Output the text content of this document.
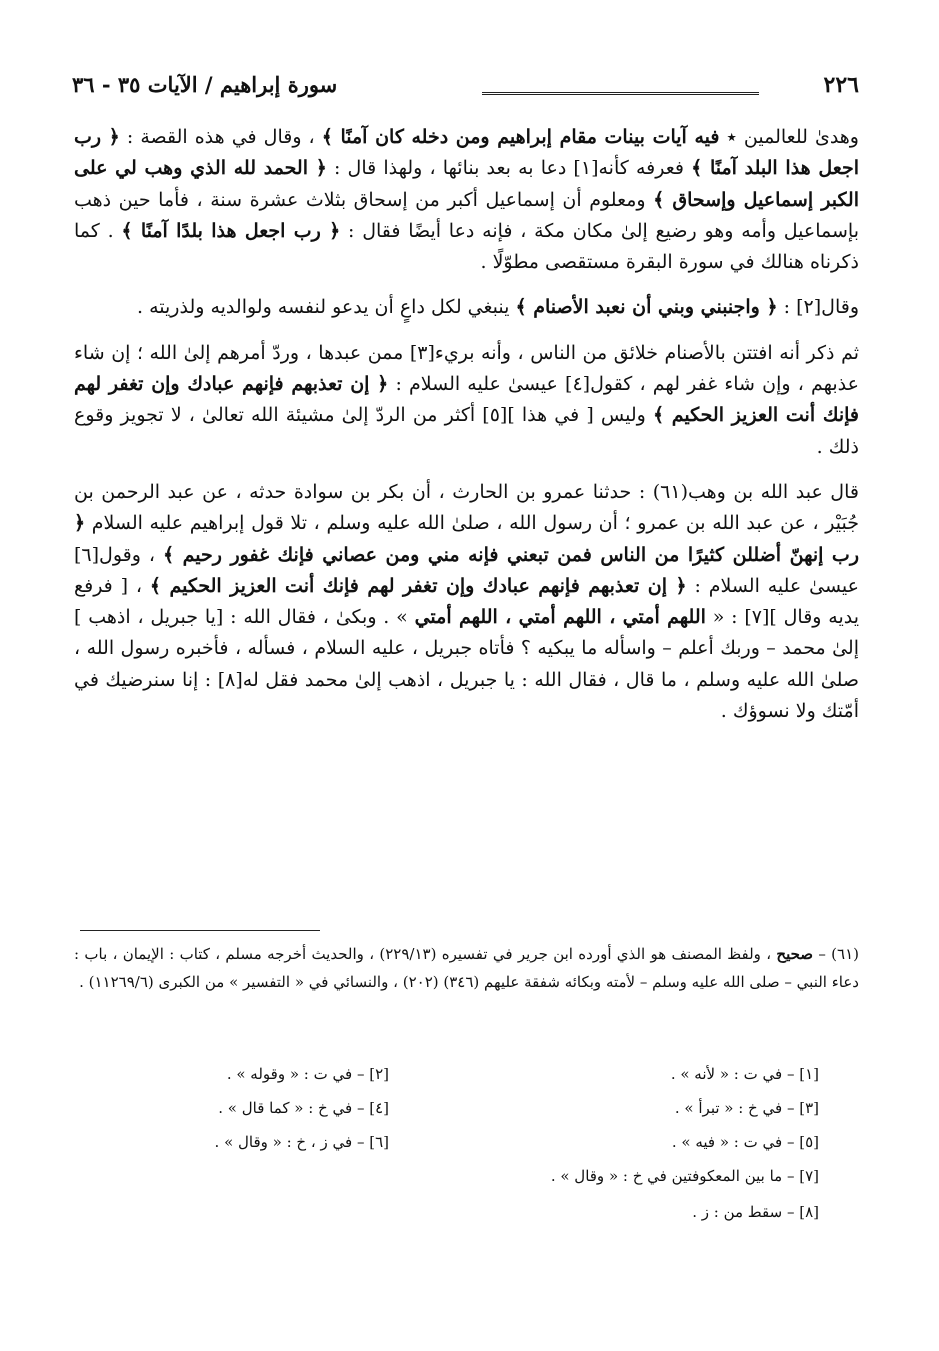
٢٢٦
سورة إبراهيم / الآيات ٣٥ - ٣٦

وهدىٰ للعالمين ٭ فيه آيات بينات مقام إبراهيم ومن دخله كان آمنًا ﴾ ، وقال في هذه القصة : ﴿ رب اجعل هذا البلد آمنًا ﴾ فعرفه كأنه[١] دعا به بعد بنائها ، ولهذا قال : ﴿ الحمد لله الذي وهب لي على الكبر إسماعيل وإسحاق ﴾ ومعلوم أن إسماعيل أكبر من إسحاق بثلاث عشرة سنة ، فأما حين ذهب بإسماعيل وأمه وهو رضيع إلىٰ مكان مكة ، فإنه دعا أيضًا فقال : ﴿ رب اجعل هذا بلدًا آمنًا ﴾ . كما ذكرناه هنالك في سورة البقرة مستقصى مطوّلًا .

وقال[٢] : ﴿ واجنبني وبني أن نعبد الأصنام ﴾ ينبغي لكل داعٍ أن يدعو لنفسه ولوالديه ولذريته .

ثم ذكر أنه افتتن بالأصنام خلائق من الناس ، وأنه بريء[٣] ممن عبدها ، وردّ أمرهم إلىٰ الله ؛ إن شاء عذبهم ، وإن شاء غفر لهم ، كقول[٤] عيسىٰ عليه السلام : ﴿ إن تعذبهم فإنهم عبادك وإن تغفر لهم فإنك أنت العزيز الحكيم ﴾ وليس [ في هذا ][٥] أكثر من الردّ إلىٰ مشيئة الله تعالىٰ ، لا تجويز وقوع ذلك .

قال عبد الله بن وهب(٦١) : حدثنا عمرو بن الحارث ، أن بكر بن سوادة حدثه ، عن عبد الرحمن بن جُبَيْر ، عن عبد الله بن عمرو ؛ أن رسول الله ، صلىٰ الله عليه وسلم ، تلا قول إبراهيم عليه السلام ﴿ رب إنهنّ أضللن كثيرًا من الناس فمن تبعني فإنه مني ومن عصاني فإنك غفور رحيم ﴾ ، وقول[٦] عيسىٰ عليه السلام : ﴿ إن تعذبهم فإنهم عبادك وإن تغفر لهم فإنك أنت العزيز الحكيم ﴾ ، [ فرفع يديه وقال ][٧] : « اللهم أمتي ، اللهم أمتي ، اللهم أمتي » . وبكىٰ ، فقال الله : [يا جبريل ، اذهب ] إلىٰ محمد – وربك أعلم – واسأله ما يبكيه ؟ فأتاه جبريل ، عليه السلام ، فسأله ، فأخبره رسول الله ، صلىٰ الله عليه وسلم ، ما قال ، فقال الله : يا جبريل ، اذهب إلىٰ محمد فقل له[٨] : إنا سنرضيك في أمّتك ولا نسوؤك .

(٦١) – صحيح ، ولفظ المصنف هو الذي أورده ابن جرير في تفسيره (٢٢٩/١٣) ، والحديث أخرجه مسلم ، كتاب : الإيمان ، باب : دعاء النبي – صلى الله عليه وسلم – لأمته وبكائه شفقة عليهم (٣٤٦) (٢٠٢) ، والنسائي في « التفسير » من الكبرى (١١٢٦٩/٦) .

[١] – في ت : « لأنه » .
[٢] – في ت : « وقوله » .
[٣] – في خ : « تبرأ » .
[٤] – في خ : « كما قال » .
[٥] – في ت : « فيه » .
[٦] – في ز ، خ : « وقال » .
[٧] – ما بين المعكوفتين في خ : « وقال » .
[٨] – سقط من : ز .
